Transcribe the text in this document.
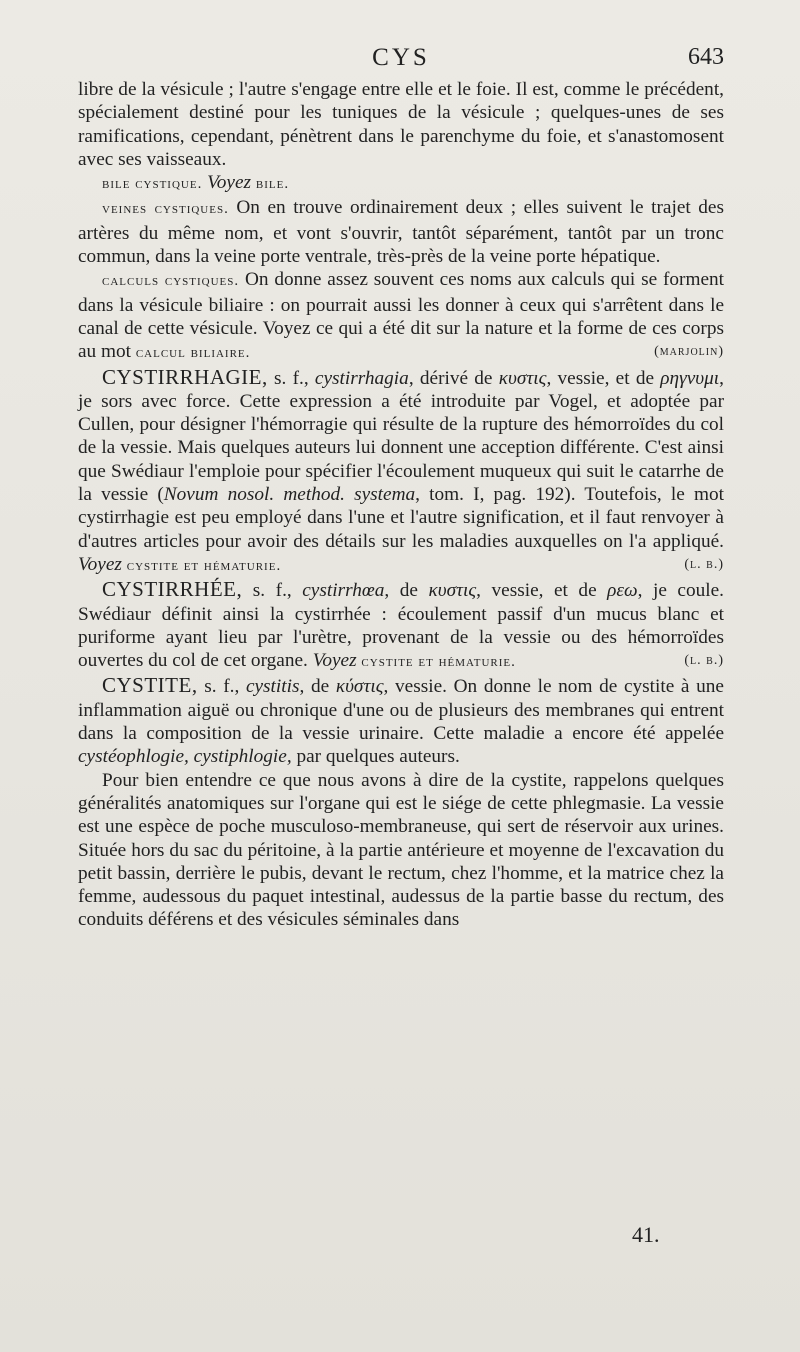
CYS	643

libre de la vésicule ; l'autre s'engage entre elle et le foie. Il est, comme le précédent, spécialement destiné pour les tuniques de la vésicule ; quelques-unes de ses ramifications, cependant, pénètrent dans le parenchyme du foie, et s'anastomosent avec ses vaisseaux.

bile cystique. Voyez bile.

veines cystiques. On en trouve ordinairement deux ; elles suivent le trajet des artères du même nom, et vont s'ouvrir, tantôt séparément, tantôt par un tronc commun, dans la veine porte ventrale, très-près de la veine porte hépatique.

calculs cystiques. On donne assez souvent ces noms aux calculs qui se forment dans la vésicule biliaire : on pourrait aussi les donner à ceux qui s'arrêtent dans le canal de cette vésicule. Voyez ce qui a été dit sur la nature et la forme de ces corps au mot calcul biliaire.	(marjolin)

CYSTIRRHAGIE, s. f., cystirrhagia, dérivé de κυστις, vessie, et de ρηγνυμι, je sors avec force. Cette expression a été introduite par Vogel, et adoptée par Cullen, pour désigner l'hémorragie qui résulte de la rupture des hémorroïdes du col de la vessie. Mais quelques auteurs lui donnent une acception différente. C'est ainsi que Swédiaur l'emploie pour spécifier l'écoulement muqueux qui suit le catarrhe de la vessie (Novum nosol. method. systema, tom. I, pag. 192). Toutefois, le mot cystirrhagie est peu employé dans l'une et l'autre signification, et il faut renvoyer à d'autres articles pour avoir des détails sur les maladies auxquelles on l'a appliqué. Voyez cystite et hématurie.	(l. b.)

CYSTIRRHÉE, s. f., cystirrhœa, de κυστις, vessie, et de ρεω, je coule. Swédiaur définit ainsi la cystirrhée : écoulement passif d'un mucus blanc et puriforme ayant lieu par l'urètre, provenant de la vessie ou des hémorroïdes ouvertes du col de cet organe. Voyez cystite et hématurie.	(l. b.)

CYSTITE, s. f., cystitis, de κύστις, vessie. On donne le nom de cystite à une inflammation aiguë ou chronique d'une ou de plusieurs des membranes qui entrent dans la composition de la vessie urinaire. Cette maladie a encore été appelée cystéophlogie, cystiphlogie, par quelques auteurs.

Pour bien entendre ce que nous avons à dire de la cystite, rappelons quelques généralités anatomiques sur l'organe qui est le siége de cette phlegmasie. La vessie est une espèce de poche musculoso-membraneuse, qui sert de réservoir aux urines. Située hors du sac du péritoine, à la partie antérieure et moyenne de l'excavation du petit bassin, derrière le pubis, devant le rectum, chez l'homme, et la matrice chez la femme, audessous du paquet intestinal, audessus de la partie basse du rectum, des conduits déférens et des vésicules séminales dans

41.
